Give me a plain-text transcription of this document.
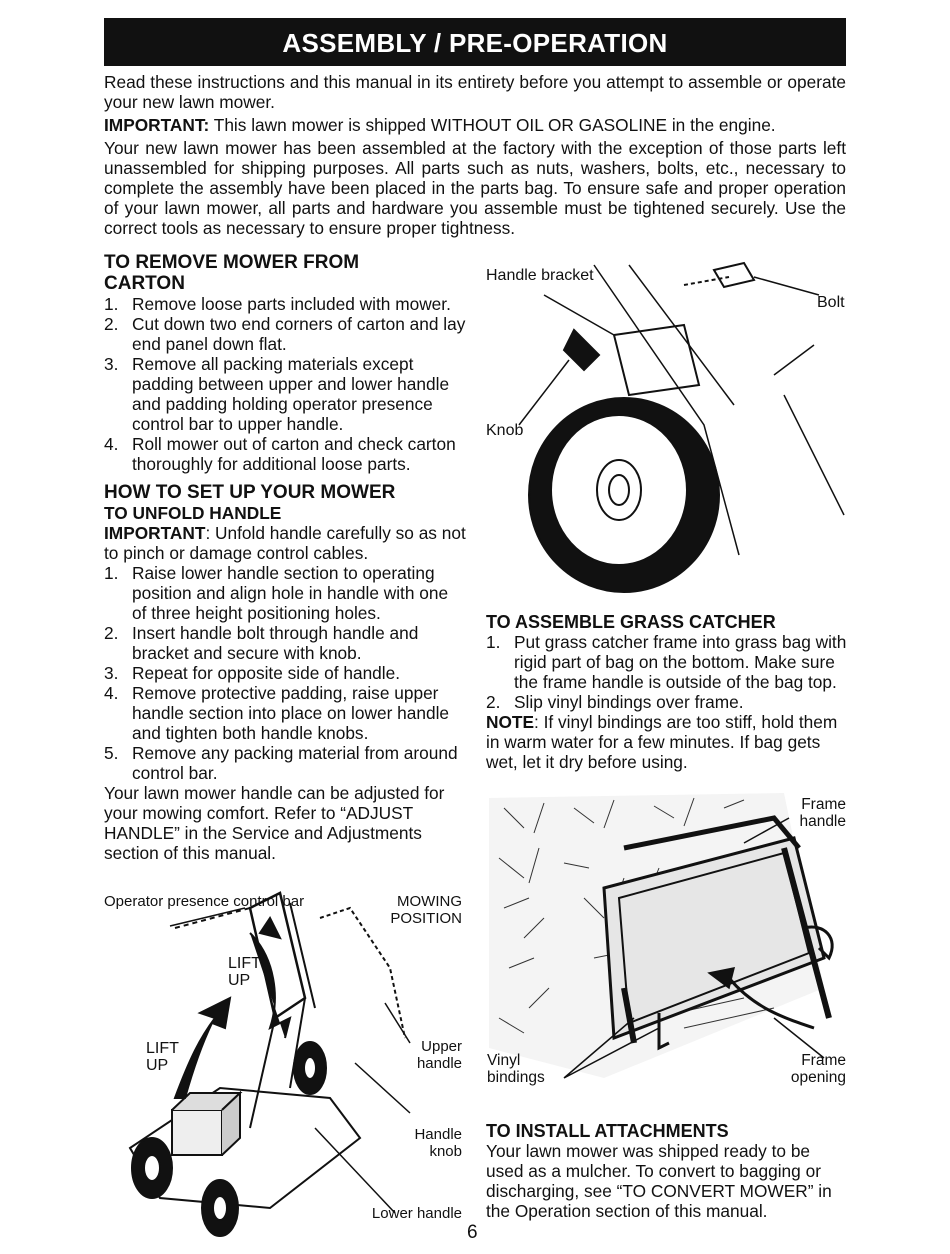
ASSEMBLY / PRE-OPERATION

Read these instructions and this manual in its entirety before you attempt to assemble or operate your new lawn mower.

IMPORTANT: This lawn mower is shipped WITHOUT OIL OR GASOLINE in the engine.

Your new lawn mower has been assembled at the factory with the exception of those parts left unassembled for shipping purposes. All parts such as nuts, washers, bolts, etc., necessary to complete the assembly have been placed in the parts bag. To ensure safe and proper operation of your lawn mower, all parts and hardware you assemble must be tightened securely. Use the correct tools as necessary to ensure proper tightness.

TO REMOVE MOWER FROM
CARTON
1. Remove loose parts included with mower.
2. Cut down two end corners of carton and lay end panel down flat.
3. Remove all packing materials except padding between upper and lower handle and padding holding operator presence control bar to upper handle.
4. Roll mower out of carton and check carton thoroughly for additional loose parts.
HOW TO SET UP YOUR MOWER
TO UNFOLD HANDLE

IMPORTANT: Unfold handle carefully so as not to pinch or damage control cables.

1. Raise lower handle section to operating position and align hole in handle with one of three height positioning holes.
2. Insert handle bolt through handle and bracket and secure with knob.
3. Repeat for opposite side of handle.
4. Remove protective padding, raise upper handle section into place on lower handle and tighten both handle knobs.
5. Remove any packing material from around control bar.

Your lawn mower handle can be adjusted for your mowing comfort. Refer to “ADJUST HANDLE” in the Service and Adjustments section of this manual.

Operator presence control bar	MOWING POSITION
LIFT UP
LIFT UP
Upper handle
Handle knob
Lower handle
Handle bracket
Bolt
Knob
TO ASSEMBLE GRASS CATCHER
1. Put grass catcher frame into grass bag with rigid part of bag on the bottom. Make sure the frame handle is outside of the bag top.
2. Slip vinyl bindings over frame.

NOTE: If vinyl bindings are too stiff, hold them in warm water for a few minutes. If bag gets wet, let it dry before using.

Frame handle
Vinyl bindings
Frame opening
TO INSTALL ATTACHMENTS

Your lawn mower was shipped ready to be used as a mulcher. To convert to bagging or discharging, see “TO CONVERT MOWER” in the Operation section of this manual.

6
